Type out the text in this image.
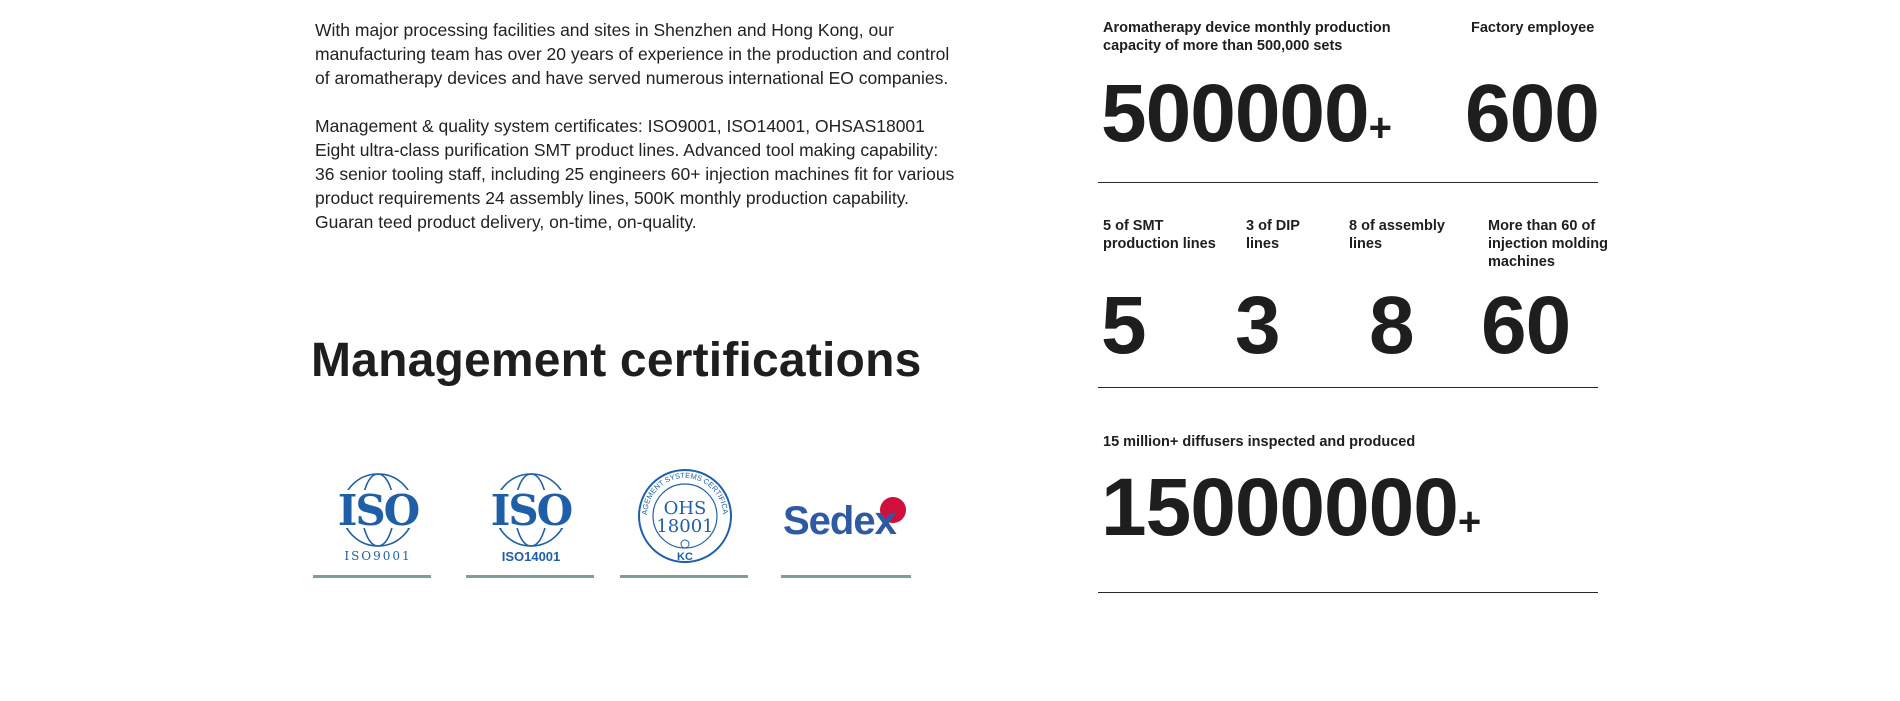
With major processing facilities and sites in Shenzhen and Hong Kong, our
manufacturing team has over 20 years of experience in the production and control
of aromatherapy devices and have served numerous international EO companies.

Management & quality system certificates: ISO9001, ISO14001, OHSAS18001
Eight ultra-class purification SMT product lines. Advanced tool making capability:
36 senior tooling staff, including 25 engineers 60+ injection machines fit for various
product requirements 24 assembly lines, 500K monthly production capability.
Guaran teed product delivery, on-time, on-quality.

Management certifications
ISO
ISO9001
ISO
ISO14001
AGEMENT SYSTEMS CERTIFICA
OHS
18001
KC
Sedex
Aromatherapy device monthly production
capacity of more than 500,000 sets
Factory employee
500000+ 600
5 of SMT
production lines
3 of DIP
lines
8 of assembly
lines
More than 60 of
injection molding
machines
5 3 8 60
15 million+ diffusers inspected and produced
15000000+
